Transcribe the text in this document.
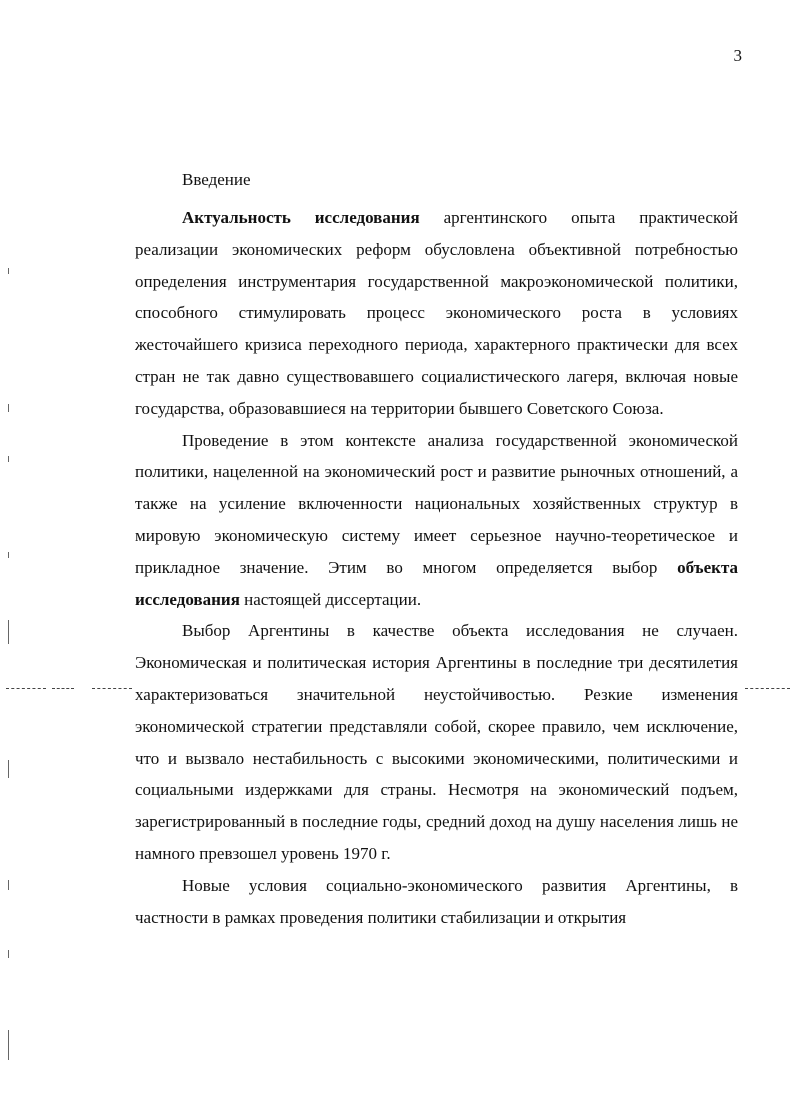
3
Введение

Актуальность исследования аргентинского опыта практической реализации экономических реформ обусловлена объективной потребностью определения инструментария государственной макроэкономической политики, способного стимулировать процесс экономического роста в условиях жесточайшего кризиса переходного периода, характерного практически для всех стран не так давно существовавшего социалистического лагеря, включая новые государства, образовавшиеся на территории бывшего Советского Союза.

Проведение в этом контексте анализа государственной экономической политики, нацеленной на экономический рост и развитие рыночных отношений, а также на усиление включенности национальных хозяйственных структур в мировую экономическую систему имеет серьезное научно-теоретическое и прикладное значение. Этим во многом определяется выбор объекта исследования настоящей диссертации.

Выбор Аргентины в качестве объекта исследования не случаен. Экономическая и политическая история Аргентины в последние три десятилетия характеризоваться значительной неустойчивостью. Резкие изменения экономической стратегии представляли собой, скорее правило, чем исключение, что и вызвало нестабильность с высокими экономическими, политическими и социальными издержками для страны. Несмотря на экономический подъем, зарегистрированный в последние годы, средний доход на душу населения лишь не намного превзошел уровень 1970 г.

Новые условия социально-экономического развития Аргентины, в частности в рамках проведения политики стабилизации и открытия
